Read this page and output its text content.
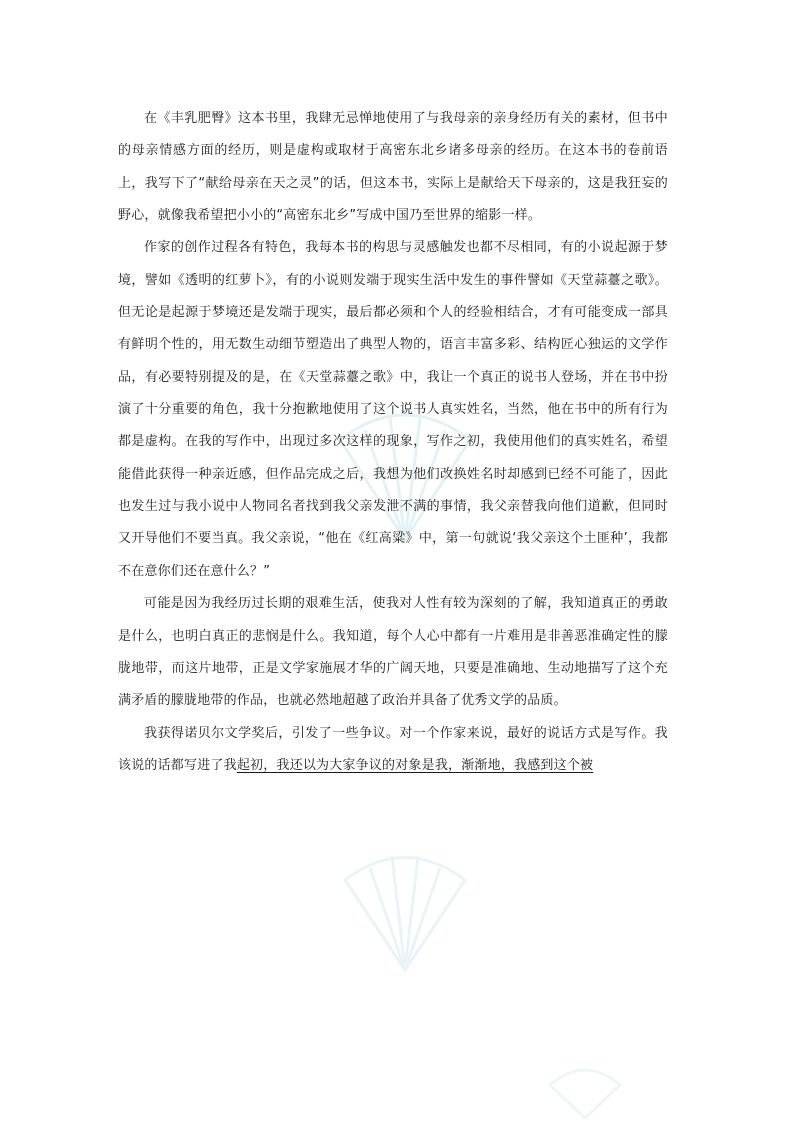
在《丰乳肥臀》这本书里，我肆无忌惮地使用了与我母亲的亲身经历有关的素材，但书中的母亲情感方面的经历，则是虚构或取材于高密东北乡诸多母亲的经历。在这本书的卷前语上，我写下了“献给母亲在天之灵”的话，但这本书，实际上是献给天下母亲的，这是我狂妄的野心，就像我希望把小小的“高密东北乡”写成中国乃至世界的缩影一样。

作家的创作过程各有特色，我每本书的构思与灵感触发也都不尽相同，有的小说起源于梦境，譬如《透明的红萝卜》，有的小说则发端于现实生活中发生的事件譬如《天堂蒜薹之歌》。但无论是起源于梦境还是发端于现实，最后都必须和个人的经验相结合，才有可能变成一部具有鲜明个性的，用无数生动细节塑造出了典型人物的，语言丰富多彩、结构匠心独运的文学作品，有必要特别提及的是，在《天堂蒜薹之歌》中，我让一个真正的说书人登场，并在书中扮演了十分重要的角色，我十分抱歉地使用了这个说书人真实姓名，当然，他在书中的所有行为都是虚构。在我的写作中，出现过多次这样的现象，写作之初，我使用他们的真实姓名，希望能借此获得一种亲近感，但作品完成之后，我想为他们改换姓名时却感到已经不可能了，因此也发生过与我小说中人物同名者找到我父亲发泄不满的事情，我父亲替我向他们道歉，但同时又开导他们不要当真。我父亲说，“他在《红高粱》中，第一句就说‘我父亲这个土匪种’，我都不在意你们还在意什么？”

可能是因为我经历过长期的艰难生活，使我对人性有较为深刻的了解，我知道真正的勇敢是什么，也明白真正的悲悯是什么。我知道，每个人心中都有一片难用是非善恶准确定性的朦胧地带，而这片地带，正是文学家施展才华的广阔天地，只要是准确地、生动地描写了这个充满矛盾的朦胧地带的作品，也就必然地超越了政治并具备了优秀文学的品质。

我获得诺贝尔文学奖后，引发了一些争议。对一个作家来说，最好的说话方式是写作。我该说的话都写进了我起初，我还以为大家争议的对象是我，渐渐地，我感到这个被
